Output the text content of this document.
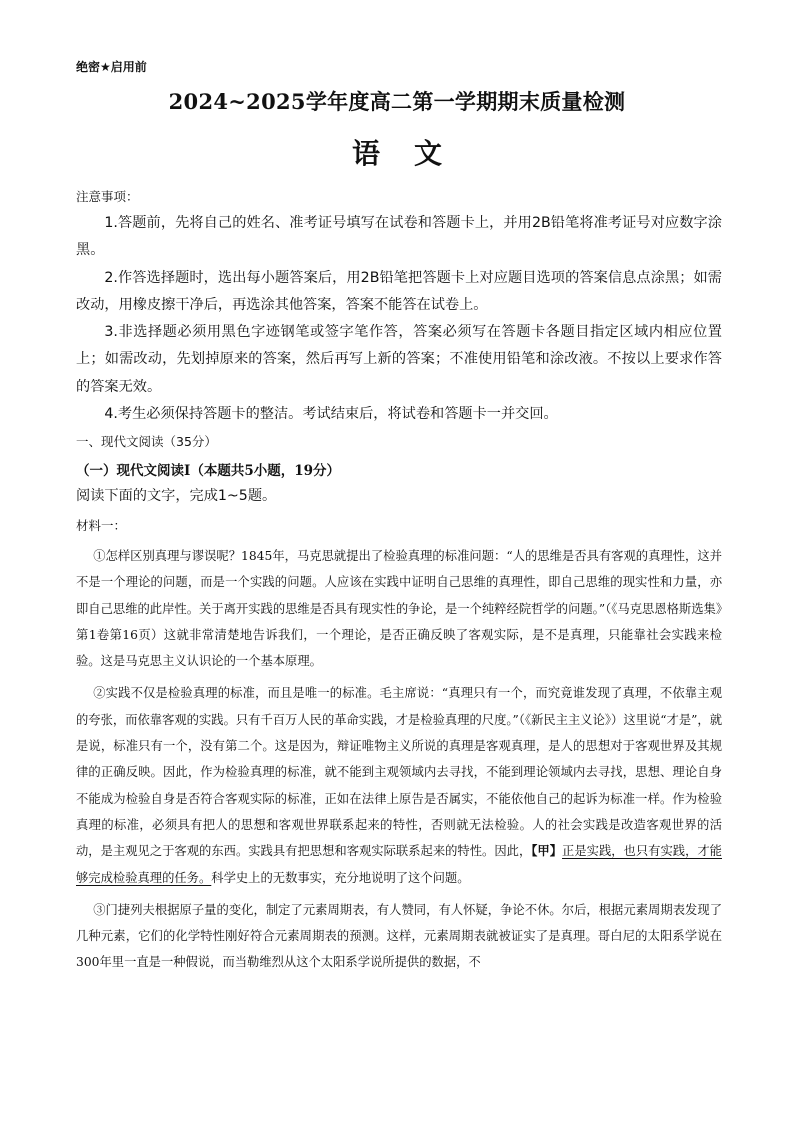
绝密★启用前
2024~2025学年度高二第一学期期末质量检测
语文
注意事项：

1.答题前，先将自己的姓名、准考证号填写在试卷和答题卡上，并用2B铅笔将准考证号对应数字涂黑。

2.作答选择题时，选出每小题答案后，用2B铅笔把答题卡上对应题目选项的答案信息点涂黑；如需改动，用橡皮擦干净后，再选涂其他答案，答案不能答在试卷上。

3.非选择题必须用黑色字迹钢笔或签字笔作答，答案必须写在答题卡各题目指定区域内相应位置上；如需改动，先划掉原来的答案，然后再写上新的答案；不准使用铅笔和涂改液。不按以上要求作答的答案无效。

4.考生必须保持答题卡的整洁。考试结束后，将试卷和答题卡一并交回。

一、现代文阅读（35分）
（一）现代文阅读Ⅰ（本题共5小题，19分）
阅读下面的文字，完成1~5题。
材料一：

①怎样区别真理与谬误呢？1845年，马克思就提出了检验真理的标准问题：“人的思维是否具有客观的真理性，这并不是一个理论的问题，而是一个实践的问题。人应该在实践中证明自己思维的真理性，即自己思维的现实性和力量，亦即自己思维的此岸性。关于离开实践的思维是否具有现实性的争论，是一个纯粹经院哲学的问题。”（《马克思恩格斯选集》第1卷第16页）这就非常清楚地告诉我们，一个理论，是否正确反映了客观实际，是不是真理，只能靠社会实践来检验。这是马克思主义认识论的一个基本原理。

②实践不仅是检验真理的标准，而且是唯一的标准。毛主席说：“真理只有一个，而究竟谁发现了真理，不依靠主观的夸张，而依靠客观的实践。只有千百万人民的革命实践，才是检验真理的尺度。”（《新民主主义论》）这里说“才是”，就是说，标准只有一个，没有第二个。这是因为，辩证唯物主义所说的真理是客观真理，是人的思想对于客观世界及其规律的正确反映。因此，作为检验真理的标准，就不能到主观领域内去寻找，不能到理论领域内去寻找，思想、理论自身不能成为检验自身是否符合客观实际的标准，正如在法律上原告是否属实，不能依他自己的起诉为标准一样。作为检验真理的标准，必须具有把人的思想和客观世界联系起来的特性，否则就无法检验。人的社会实践是改造客观世界的活动，是主观见之于客观的东西。实践具有把思想和客观实际联系起来的特性。因此，【甲】正是实践，也只有实践，才能够完成检验真理的任务。科学史上的无数事实，充分地说明了这个问题。

③门捷列夫根据原子量的变化，制定了元素周期表，有人赞同，有人怀疑，争论不休。尔后，根据元素周期表发现了几种元素，它们的化学特性刚好符合元素周期表的预测。这样，元素周期表就被证实了是真理。哥白尼的太阳系学说在300年里一直是一种假说，而当勒维烈从这个太阳系学说所提供的数据，不
